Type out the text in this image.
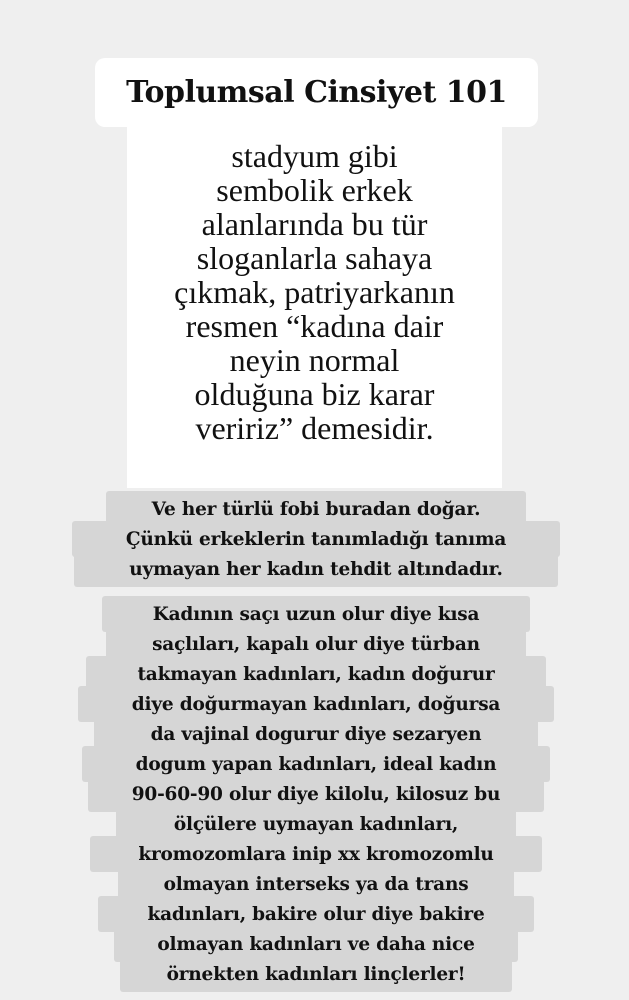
Toplumsal Cinsiyet 101
stadyum gibi
sembolik erkek
alanlarında bu tür
sloganlarla sahaya
çıkmak, patriyarkanın
resmen “kadına dair
neyin normal
olduğuna biz karar
veririz” demesidir.
Ve her türlü fobi buradan doğar.
Çünkü erkeklerin tanımladığı tanıma
uymayan her kadın tehdit altındadır.
Kadının saçı uzun olur diye kısa
saçlıları, kapalı olur diye türban
takmayan kadınları, kadın doğurur
diye doğurmayan kadınları, doğursa
da vajinal dogurur diye sezaryen
dogum yapan kadınları, ideal kadın
90-60-90 olur diye kilolu, kilosuz bu
ölçülere uymayan kadınları,
kromozomlara inip xx kromozomlu
olmayan interseks ya da trans
kadınları, bakire olur diye bakire
olmayan kadınları ve daha nice
örnekten kadınları linçlerler!
